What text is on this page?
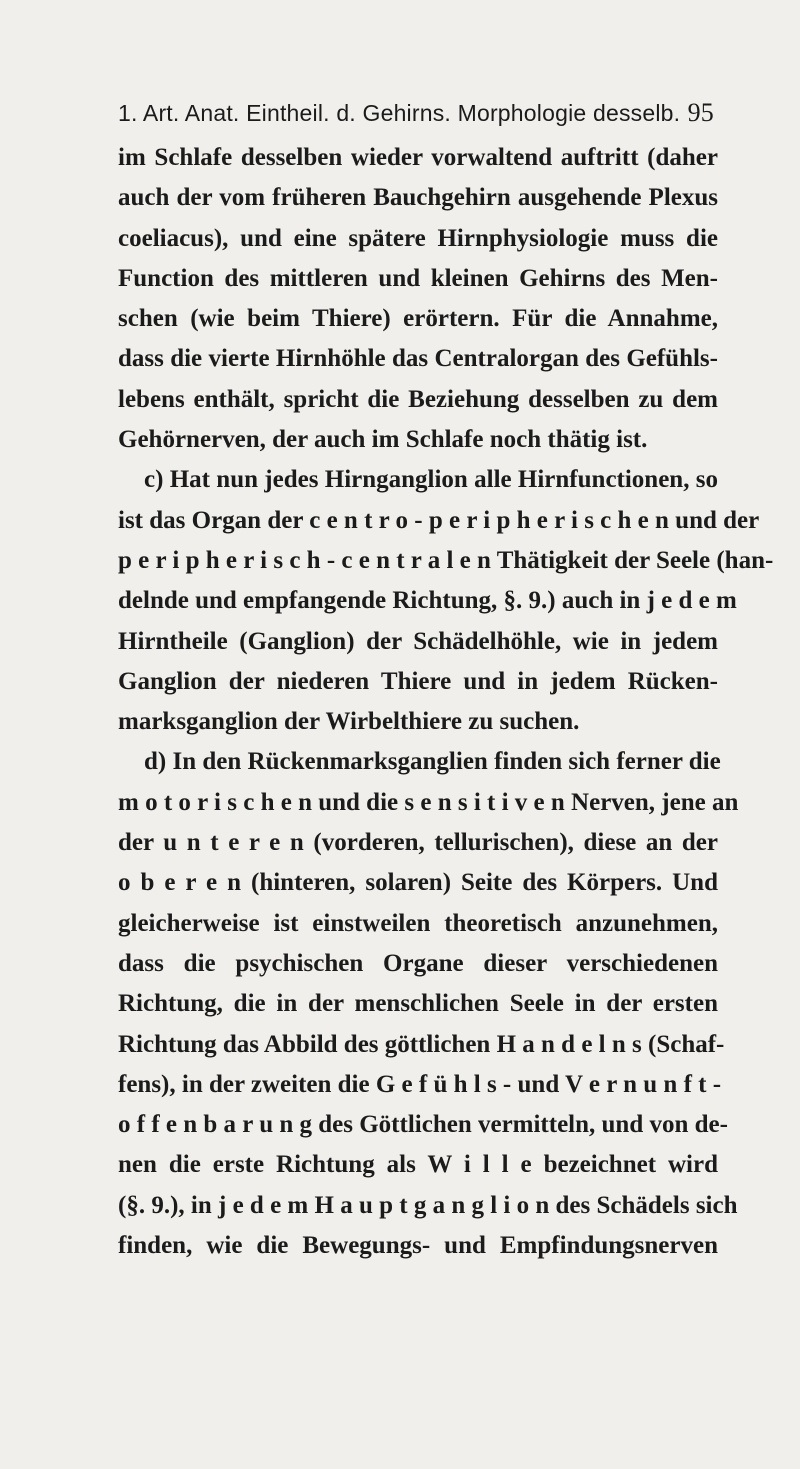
1. Art. Anat. Eintheil. d. Gehirns. Morphologie desselb. 95
im Schlafe desselben wieder vorwaltend auftritt (daher
auch der vom früheren Bauchgehirn ausgehende Plexus
coeliacus), und eine spätere Hirnphysiologie muss die
Function des mittleren und kleinen Gehirns des Men-
schen (wie beim Thiere) erörtern. Für die Annahme,
dass die vierte Hirnhöhle das Centralorgan des Gefühls-
lebens enthält, spricht die Beziehung desselben zu dem
Gehörnerven, der auch im Schlafe noch thätig ist.
c) Hat nun jedes Hirnganglion alle Hirnfunctionen, so
ist das Organ der c e n t r o - p e r i p h e r i s c h e n und der
p e r i p h e r i s c h - c e n t r a l e n Thätigkeit der Seele (han-
delnde und empfangende Richtung, §. 9.) auch in j e d e m
Hirntheile (Ganglion) der Schädelhöhle, wie in jedem
Ganglion der niederen Thiere und in jedem Rücken-
marksganglion der Wirbelthiere zu suchen.
d) In den Rückenmarksganglien finden sich ferner die
m o t o r i s c h e n und die s e n s i t i v e n Nerven, jene an
der u n t e r e n (vorderen, tellurischen), diese an der
o b e r e n (hinteren, solaren) Seite des Körpers. Und
gleicherweise ist einstweilen theoretisch anzunehmen,
dass die psychischen Organe dieser verschiedenen
Richtung, die in der menschlichen Seele in der ersten
Richtung das Abbild des göttlichen H a n d e l n s (Schaf-
fens), in der zweiten die G e f ü h l s - und V e r n u n f t -
o f f e n b a r u n g des Göttlichen vermitteln, und von de-
nen die erste Richtung als W i l l e bezeichnet wird
(§. 9.), in j e d e m H a u p t g a n g l i o n des Schädels sich
finden, wie die Bewegungs- und Empfindungsnerven
